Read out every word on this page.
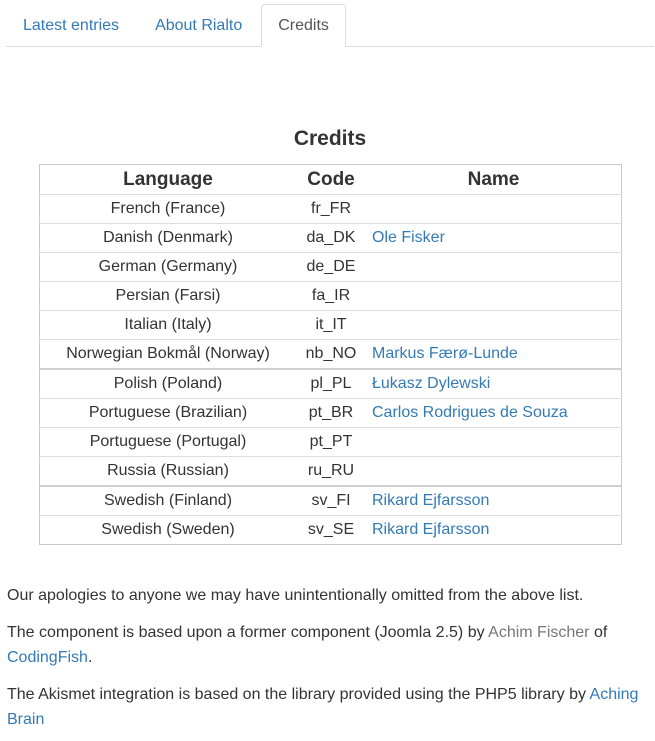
Latest entries	About Rialto	Credits
Credits
Language	Code	Name
French (France)	fr_FR	
Danish (Denmark)	da_DK	Ole Fisker
German (Germany)	de_DE	
Persian (Farsi)	fa_IR	
Italian (Italy)	it_IT	
Norwegian Bokmål (Norway)	nb_NO	Markus Færø-Lunde
Polish (Poland)	pl_PL	Łukasz Dylewski
Portuguese (Brazilian)	pt_BR	Carlos Rodrigues de Souza
Portuguese (Portugal)	pt_PT	
Russia (Russian)	ru_RU	
Swedish (Finland)	sv_FI	Rikard Ejfarsson
Swedish (Sweden)	sv_SE	Rikard Ejfarsson

Our apologies to anyone we may have unintentionally omitted from the above list.

The component is based upon a former component (Joomla 2.5) by Achim Fischer of CodingFish.

The Akismet integration is based on the library provided using the PHP5 library by Aching Brain
